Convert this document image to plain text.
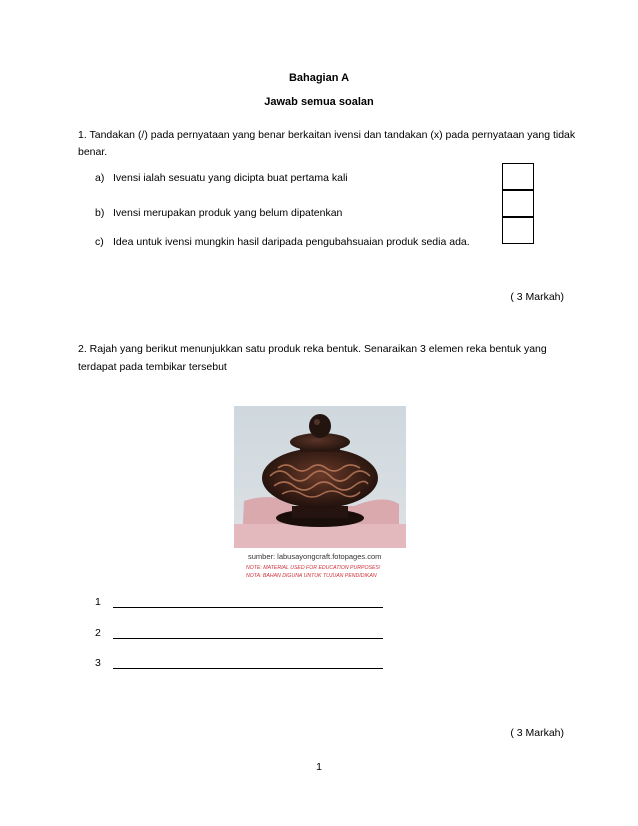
Bahagian A
Jawab semua soalan
1. Tandakan (/) pada pernyataan yang benar berkaitan ivensi dan tandakan (x) pada pernyataan yang tidak benar.
a) Ivensi ialah sesuatu yang dicipta buat pertama kali
b) Ivensi merupakan produk yang belum dipatenkan
c) Idea untuk ivensi mungkin hasil daripada pengubahsuaian produk sedia ada.
( 3 Markah)
2. Rajah yang berikut menunjukkan satu produk reka bentuk. Senaraikan 3 elemen reka bentuk yang terdapat pada tembikar tersebut
sumber: labusayongcraft.fotopages.com
NOTE: MATERIAL USED FOR EDUCATION PURPOSES!
NOTA: BAHAN DIGUNA UNTUK TUJUAN PENDIDIKAN
1
2
3
( 3 Markah)
1
